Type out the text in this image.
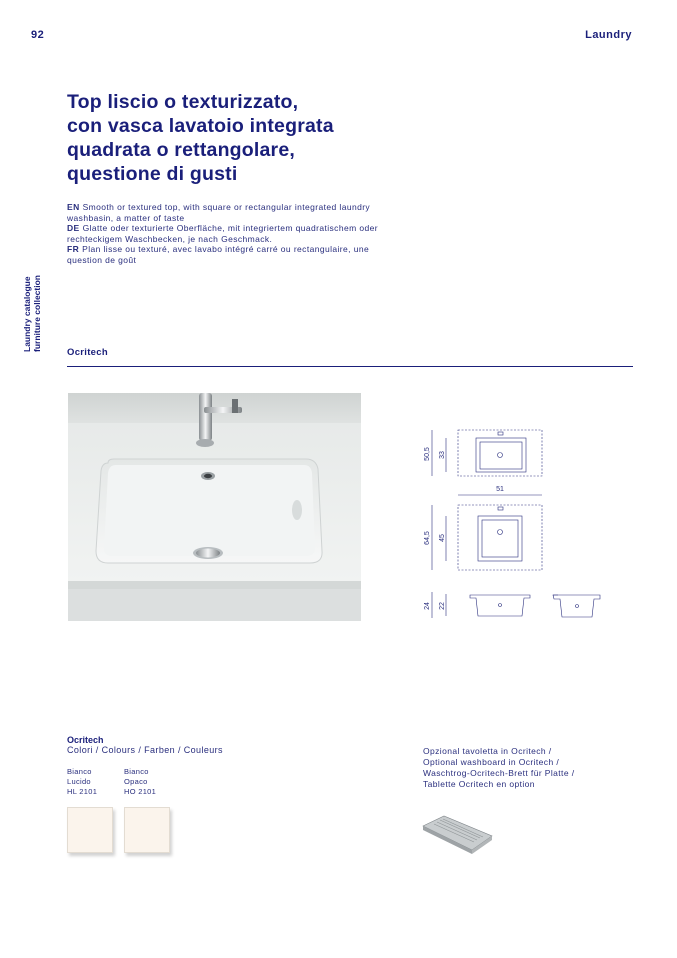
92	Laundry
Laundry catalogue furniture collection
Top liscio o texturizzato,
con vasca lavatoio integrata
quadrata o rettangolare,
questione di gusti

EN Smooth or textured top, with square or rectangular integrated laundry washbasin, a matter of taste

DE Glatte oder texturierte Oberfläche, mit integriertem quadratischem oder rechteckigem Waschbecken, je nach Geschmack.

FR Plan lisse ou texturé, avec lavabo intégré carré ou rectangulaire, une question de goût

Ocritech
50,5 33
51
64,5 45
24 22
Ocritech
Colori / Colours / Farben / Couleurs
Bianco
Lucido
HL 2101
Bianco
Opaco
HO 2101
Opzional tavoletta in Ocritech /
Optional washboard in Ocritech /
Waschtrog-Ocritech-Brett für Platte /
Tablette Ocritech en option
